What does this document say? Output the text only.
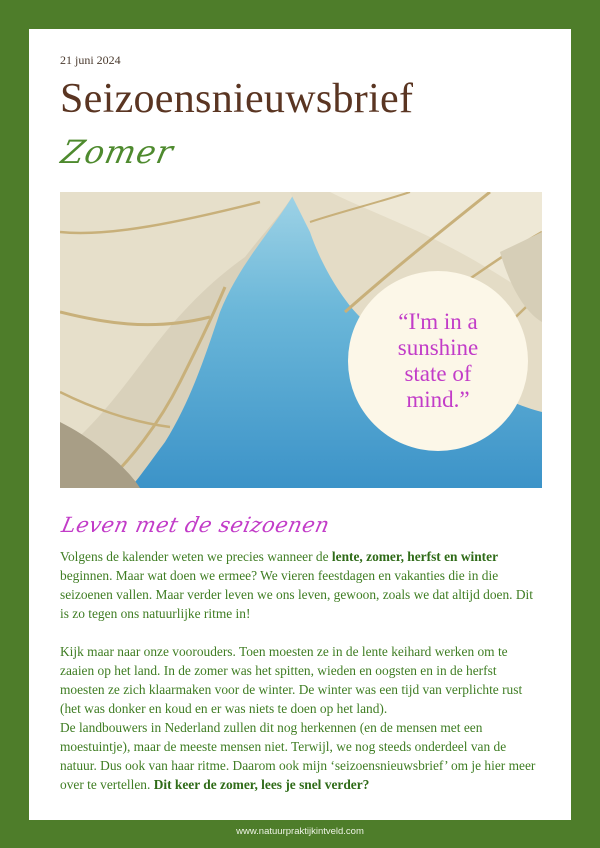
21 juni 2024
Seizoensnieuwsbrief
Zomer
“I'm in a sunshine state of mind.”
Leven met de seizoenen

Volgens de kalender weten we precies wanneer de lente, zomer, herfst en winter beginnen. Maar wat doen we ermee? We vieren feestdagen en vakanties die in die seizoenen vallen. Maar verder leven we ons leven, gewoon, zoals we dat altijd doen. Dit is zo tegen ons natuurlijke ritme in!

Kijk maar naar onze voorouders. Toen moesten ze in de lente keihard werken om te zaaien op het land. In de zomer was het spitten, wieden en oogsten en in de herfst moesten ze zich klaarmaken voor de winter. De winter was een tijd van verplichte rust (het was donker en koud en er was niets te doen op het land).
De landbouwers in Nederland zullen dit nog herkennen (en de mensen met een moestuintje), maar de meeste mensen niet. Terwijl, we nog steeds onderdeel van de natuur. Dus ook van haar ritme. Daarom ook mijn ‘seizoensnieuwsbrief’ om je hier meer over te vertellen. Dit keer de zomer, lees je snel verder?

www.natuurpraktijkintveld.com
